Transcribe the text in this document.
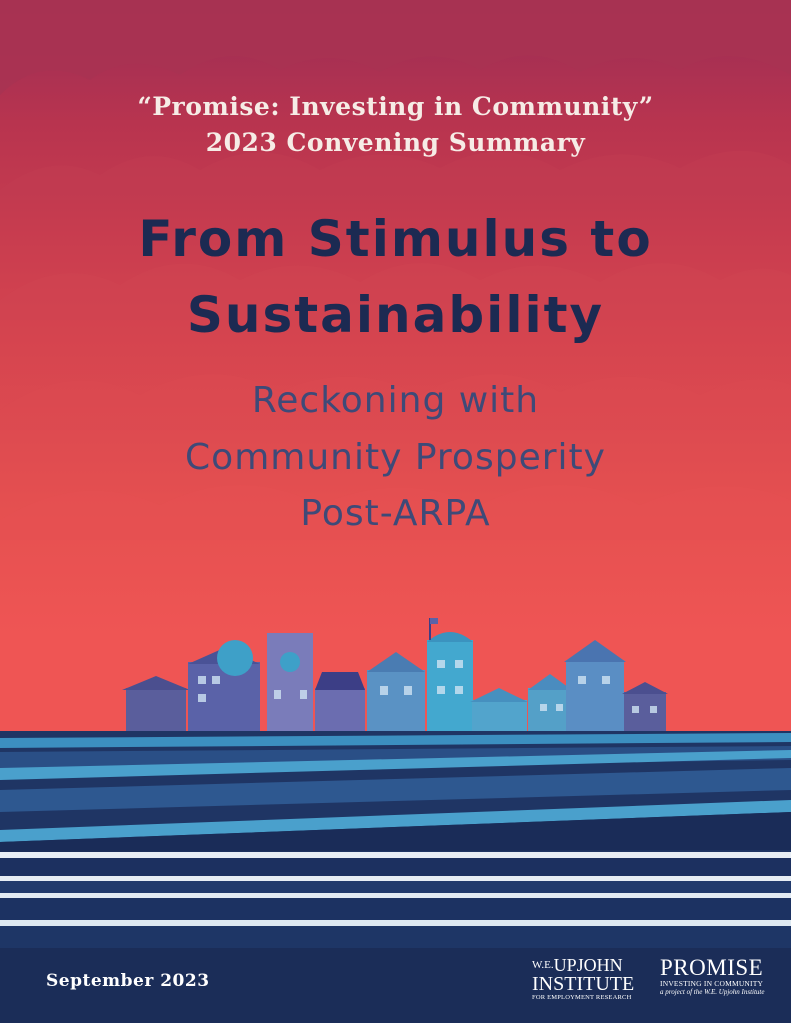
“Promise: Investing in Community”
2023 Convening Summary
From Stimulus to
Sustainability
Reckoning with
Community Prosperity
Post-ARPA
September 2023
$^{W.E.}$UPJOHN
INSTITUTE
FOR EMPLOYMENT RESEARCH
PROMISE
INVESTING IN COMMUNITY
a project of the W.E. Upjohn Institute
